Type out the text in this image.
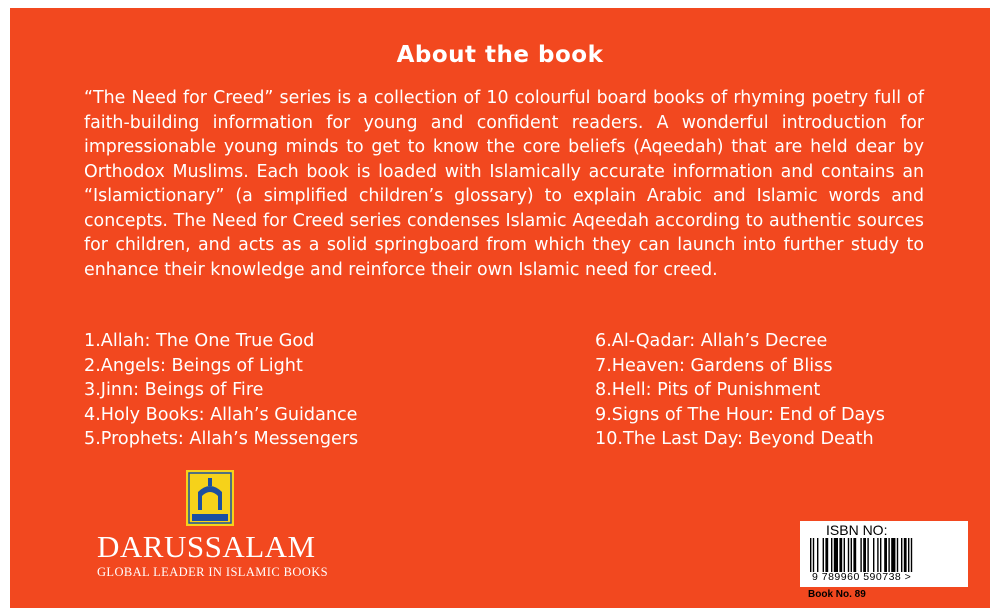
About the book
“The Need for Creed” series is a collection of 10 colourful board books of rhyming poetry full of faith-building information for young and confident readers. A wonderful introduction for impressionable young minds to get to know the core beliefs (Aqeedah) that are held dear by Orthodox Muslims. Each book is loaded with Islamically accurate information and contains an “Islamictionary” (a simplified children’s glossary) to explain Arabic and Islamic words and concepts. The Need for Creed series condenses Islamic Aqeedah according to authentic sources for children, and acts as a solid springboard from which they can launch into further study to enhance their knowledge and reinforce their own Islamic need for creed.
1.Allah: The One True God
2.Angels: Beings of Light
3.Jinn: Beings of Fire
4.Holy Books: Allah’s Guidance
5.Prophets: Allah’s Messengers
6.Al-Qadar: Allah’s Decree
7.Heaven: Gardens of Bliss
8.Hell: Pits of Punishment
9.Signs of The Hour: End of Days
10.The Last Day: Beyond Death
DARUSSALAM
GLOBAL LEADER IN ISLAMIC BOOKS
ISBN NO:
9 789960 590738 >
Book No. 89
